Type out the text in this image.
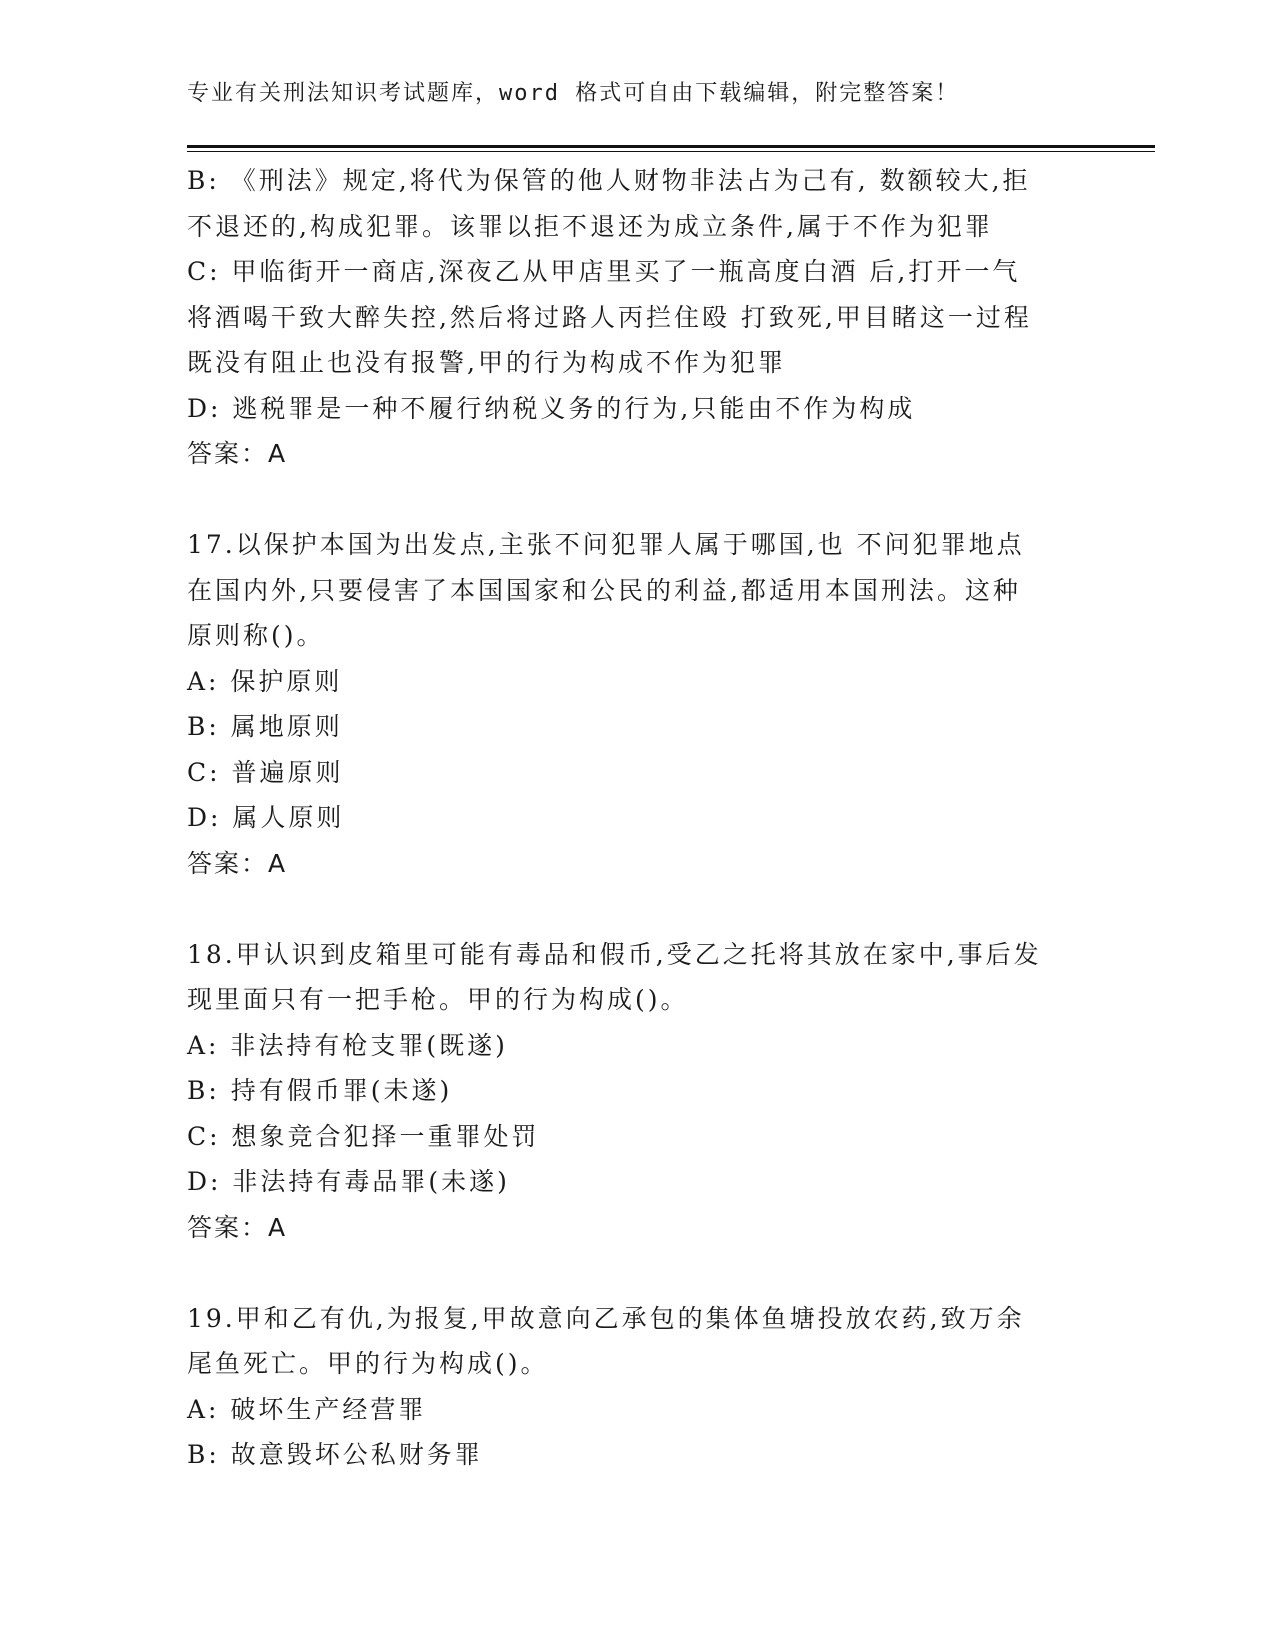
专业有关刑法知识考试题库，word 格式可自由下载编辑，附完整答案！
B: 《刑法》规定,将代为保管的他人财物非法占为己有, 数额较大,拒
不退还的,构成犯罪。该罪以拒不退还为成立条件,属于不作为犯罪
C: 甲临街开一商店,深夜乙从甲店里买了一瓶高度白酒 后,打开一气
将酒喝干致大醉失控,然后将过路人丙拦住殴 打致死,甲目睹这一过程
既没有阻止也没有报警,甲的行为构成不作为犯罪
D: 逃税罪是一种不履行纳税义务的行为,只能由不作为构成
答案：A
17.以保护本国为出发点,主张不问犯罪人属于哪国,也 不问犯罪地点
在国内外,只要侵害了本国国家和公民的利益,都适用本国刑法。这种
原则称()。
A: 保护原则
B: 属地原则
C: 普遍原则
D: 属人原则
答案：A
18.甲认识到皮箱里可能有毒品和假币,受乙之托将其放在家中,事后发
现里面只有一把手枪。甲的行为构成()。
A: 非法持有枪支罪(既遂)
B: 持有假币罪(未遂)
C: 想象竞合犯择一重罪处罚
D: 非法持有毒品罪(未遂)
答案：A
19.甲和乙有仇,为报复,甲故意向乙承包的集体鱼塘投放农药,致万余
尾鱼死亡。甲的行为构成()。
A: 破坏生产经营罪
B: 故意毁坏公私财务罪
